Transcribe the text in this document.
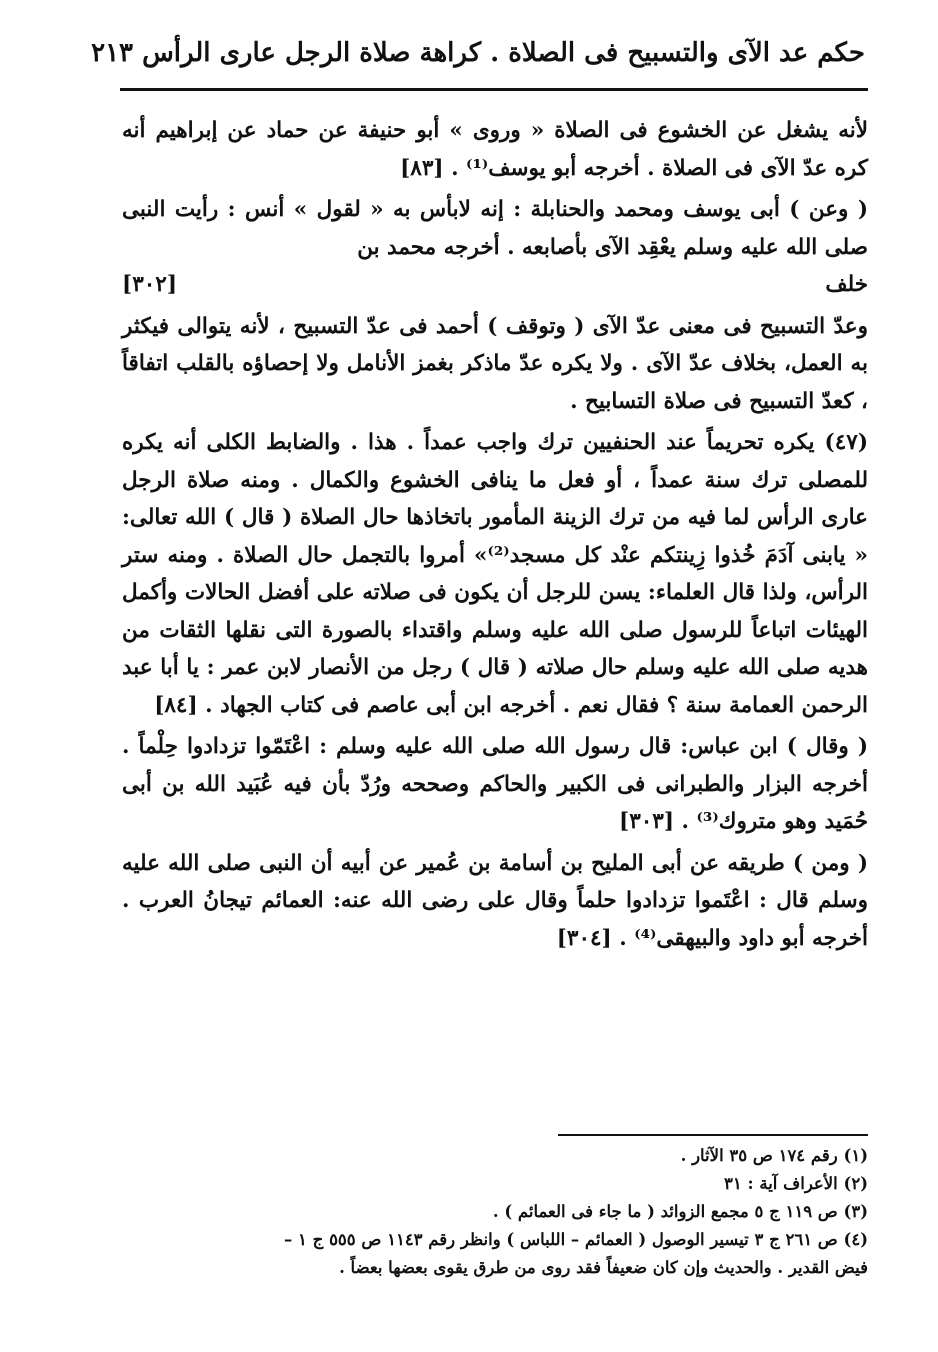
حكم عد الآى والتسبيح فى الصلاة . كراهة صلاة الرجل عارى الرأس ٢١٣

لأنه يشغل عن الخشوع فى الصلاة « وروى » أبو حنيفة عن حماد عن إبراهيم أنه كره عدّ الآى فى الصلاة . أخرجه أبو يوسف⁽¹⁾ . [٨٣]

( وعن ) أبى يوسف ومحمد والحنابلة : إنه لابأس به « لقول » أنس : رأيت النبى صلى الله عليه وسلم يعْقِد الآى بأصابعه . أخرجه محمد بن
خلف
[٣٠٢]

وعدّ التسبيح فى معنى عدّ الآى ( وتوقف ) أحمد فى عدّ التسبيح ، لأنه يتوالى فيكثر به العمل، بخلاف عدّ الآى . ولا يكره عدّ ماذكر بغمز الأنامل ولا إحصاؤه بالقلب اتفاقاً ، كعدّ التسبيح فى صلاة التسابيح .

(٤٧) يكره تحريماً عند الحنفيين ترك واجب عمداً . هذا . والضابط الكلى أنه يكره للمصلى ترك سنة عمداً ، أو فعل ما ينافى الخشوع والكمال . ومنه صلاة الرجل عارى الرأس لما فيه من ترك الزينة المأمور باتخاذها حال الصلاة ( قال ) الله تعالى: « يابنى آدَمَ خُذوا زِينتكم عنْد كل مسجد⁽²⁾» أمروا بالتجمل حال الصلاة . ومنه ستر الرأس، ولذا قال العلماء: يسن للرجل أن يكون فى صلاته على أفضل الحالات وأكمل الهيئات اتباعاً للرسول صلى الله عليه وسلم واقتداء بالصورة التى نقلها الثقات من هديه صلى الله عليه وسلم حال صلاته ( قال ) رجل من الأنصار لابن عمر : يا أبا عبد الرحمن العمامة سنة ؟ فقال نعم . أخرجه ابن أبى عاصم فى كتاب الجهاد . [٨٤]

( وقال ) ابن عباس: قال رسول الله صلى الله عليه وسلم : اعْتَمّوا تزدادوا حِلْماً . أخرجه البزار والطبرانى فى الكبير والحاكم وصححه ورُدّ بأن فيه عُبَيد الله بن أبى حُمَيد وهو متروك⁽³⁾ . [٣٠٣]

( ومن ) طريقه عن أبى المليح بن أسامة بن عُمير عن أبيه أن النبى صلى الله عليه وسلم قال : اعْتَموا تزدادوا حلماً وقال على رضى الله عنه: العمائم تيجانُ العرب . أخرجه أبو داود والبيهقى⁽⁴⁾ . [٣٠٤]

(١) رقم ١٧٤ ص ٣٥ الآثار .

(٢) الأعراف آية : ٣١

(٣) ص ١١٩ ج ٥ مجمع الزوائد ( ما جاء فى العمائم ) .

(٤) ص ٢٦١ ج ٣ تيسير الوصول ( العمائم – اللباس ) وانظر رقم ١١٤٣ ص ٥٥٥ ج ١ –

فيض القدير . والحديث وإن كان ضعيفاً فقد روى من طرق يقوى بعضها بعضاً .
